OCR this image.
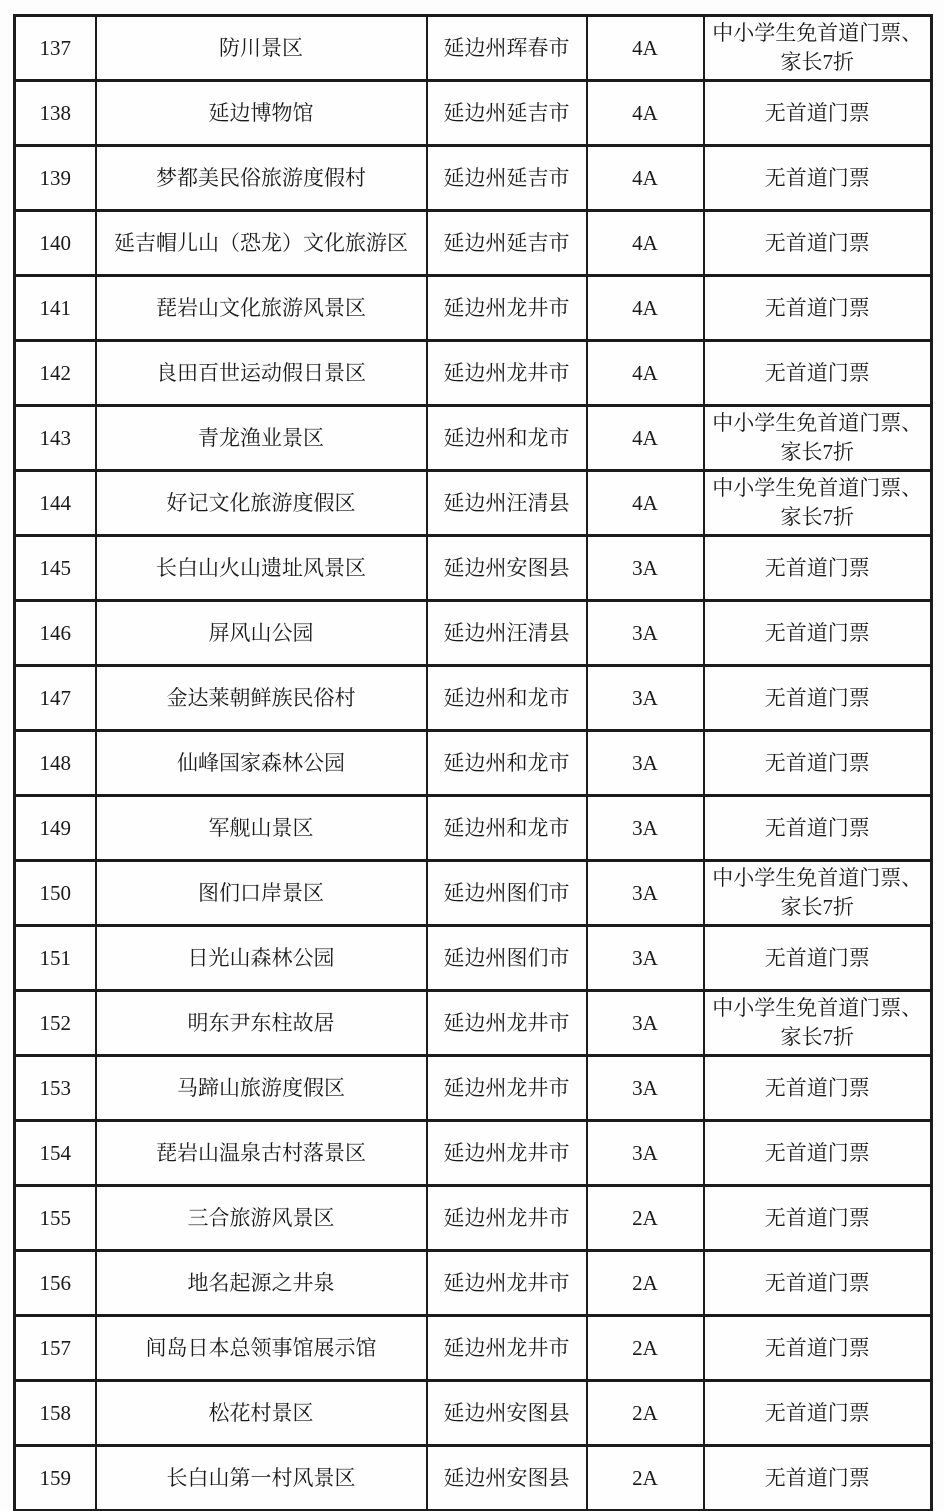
137	防川景区	延边州珲春市	4A	中小学生免首道门票、家长7折
138	延边博物馆	延边州延吉市	4A	无首道门票
139	梦都美民俗旅游度假村	延边州延吉市	4A	无首道门票
140	延吉帽儿山（恐龙）文化旅游区	延边州延吉市	4A	无首道门票
141	琵岩山文化旅游风景区	延边州龙井市	4A	无首道门票
142	良田百世运动假日景区	延边州龙井市	4A	无首道门票
143	青龙渔业景区	延边州和龙市	4A	中小学生免首道门票、家长7折
144	好记文化旅游度假区	延边州汪清县	4A	中小学生免首道门票、家长7折
145	长白山火山遗址风景区	延边州安图县	3A	无首道门票
146	屏风山公园	延边州汪清县	3A	无首道门票
147	金达莱朝鲜族民俗村	延边州和龙市	3A	无首道门票
148	仙峰国家森林公园	延边州和龙市	3A	无首道门票
149	军舰山景区	延边州和龙市	3A	无首道门票
150	图们口岸景区	延边州图们市	3A	中小学生免首道门票、家长7折
151	日光山森林公园	延边州图们市	3A	无首道门票
152	明东尹东柱故居	延边州龙井市	3A	中小学生免首道门票、家长7折
153	马蹄山旅游度假区	延边州龙井市	3A	无首道门票
154	琵岩山温泉古村落景区	延边州龙井市	3A	无首道门票
155	三合旅游风景区	延边州龙井市	2A	无首道门票
156	地名起源之井泉	延边州龙井市	2A	无首道门票
157	间岛日本总领事馆展示馆	延边州龙井市	2A	无首道门票
158	松花村景区	延边州安图县	2A	无首道门票
159	长白山第一村风景区	延边州安图县	2A	无首道门票
